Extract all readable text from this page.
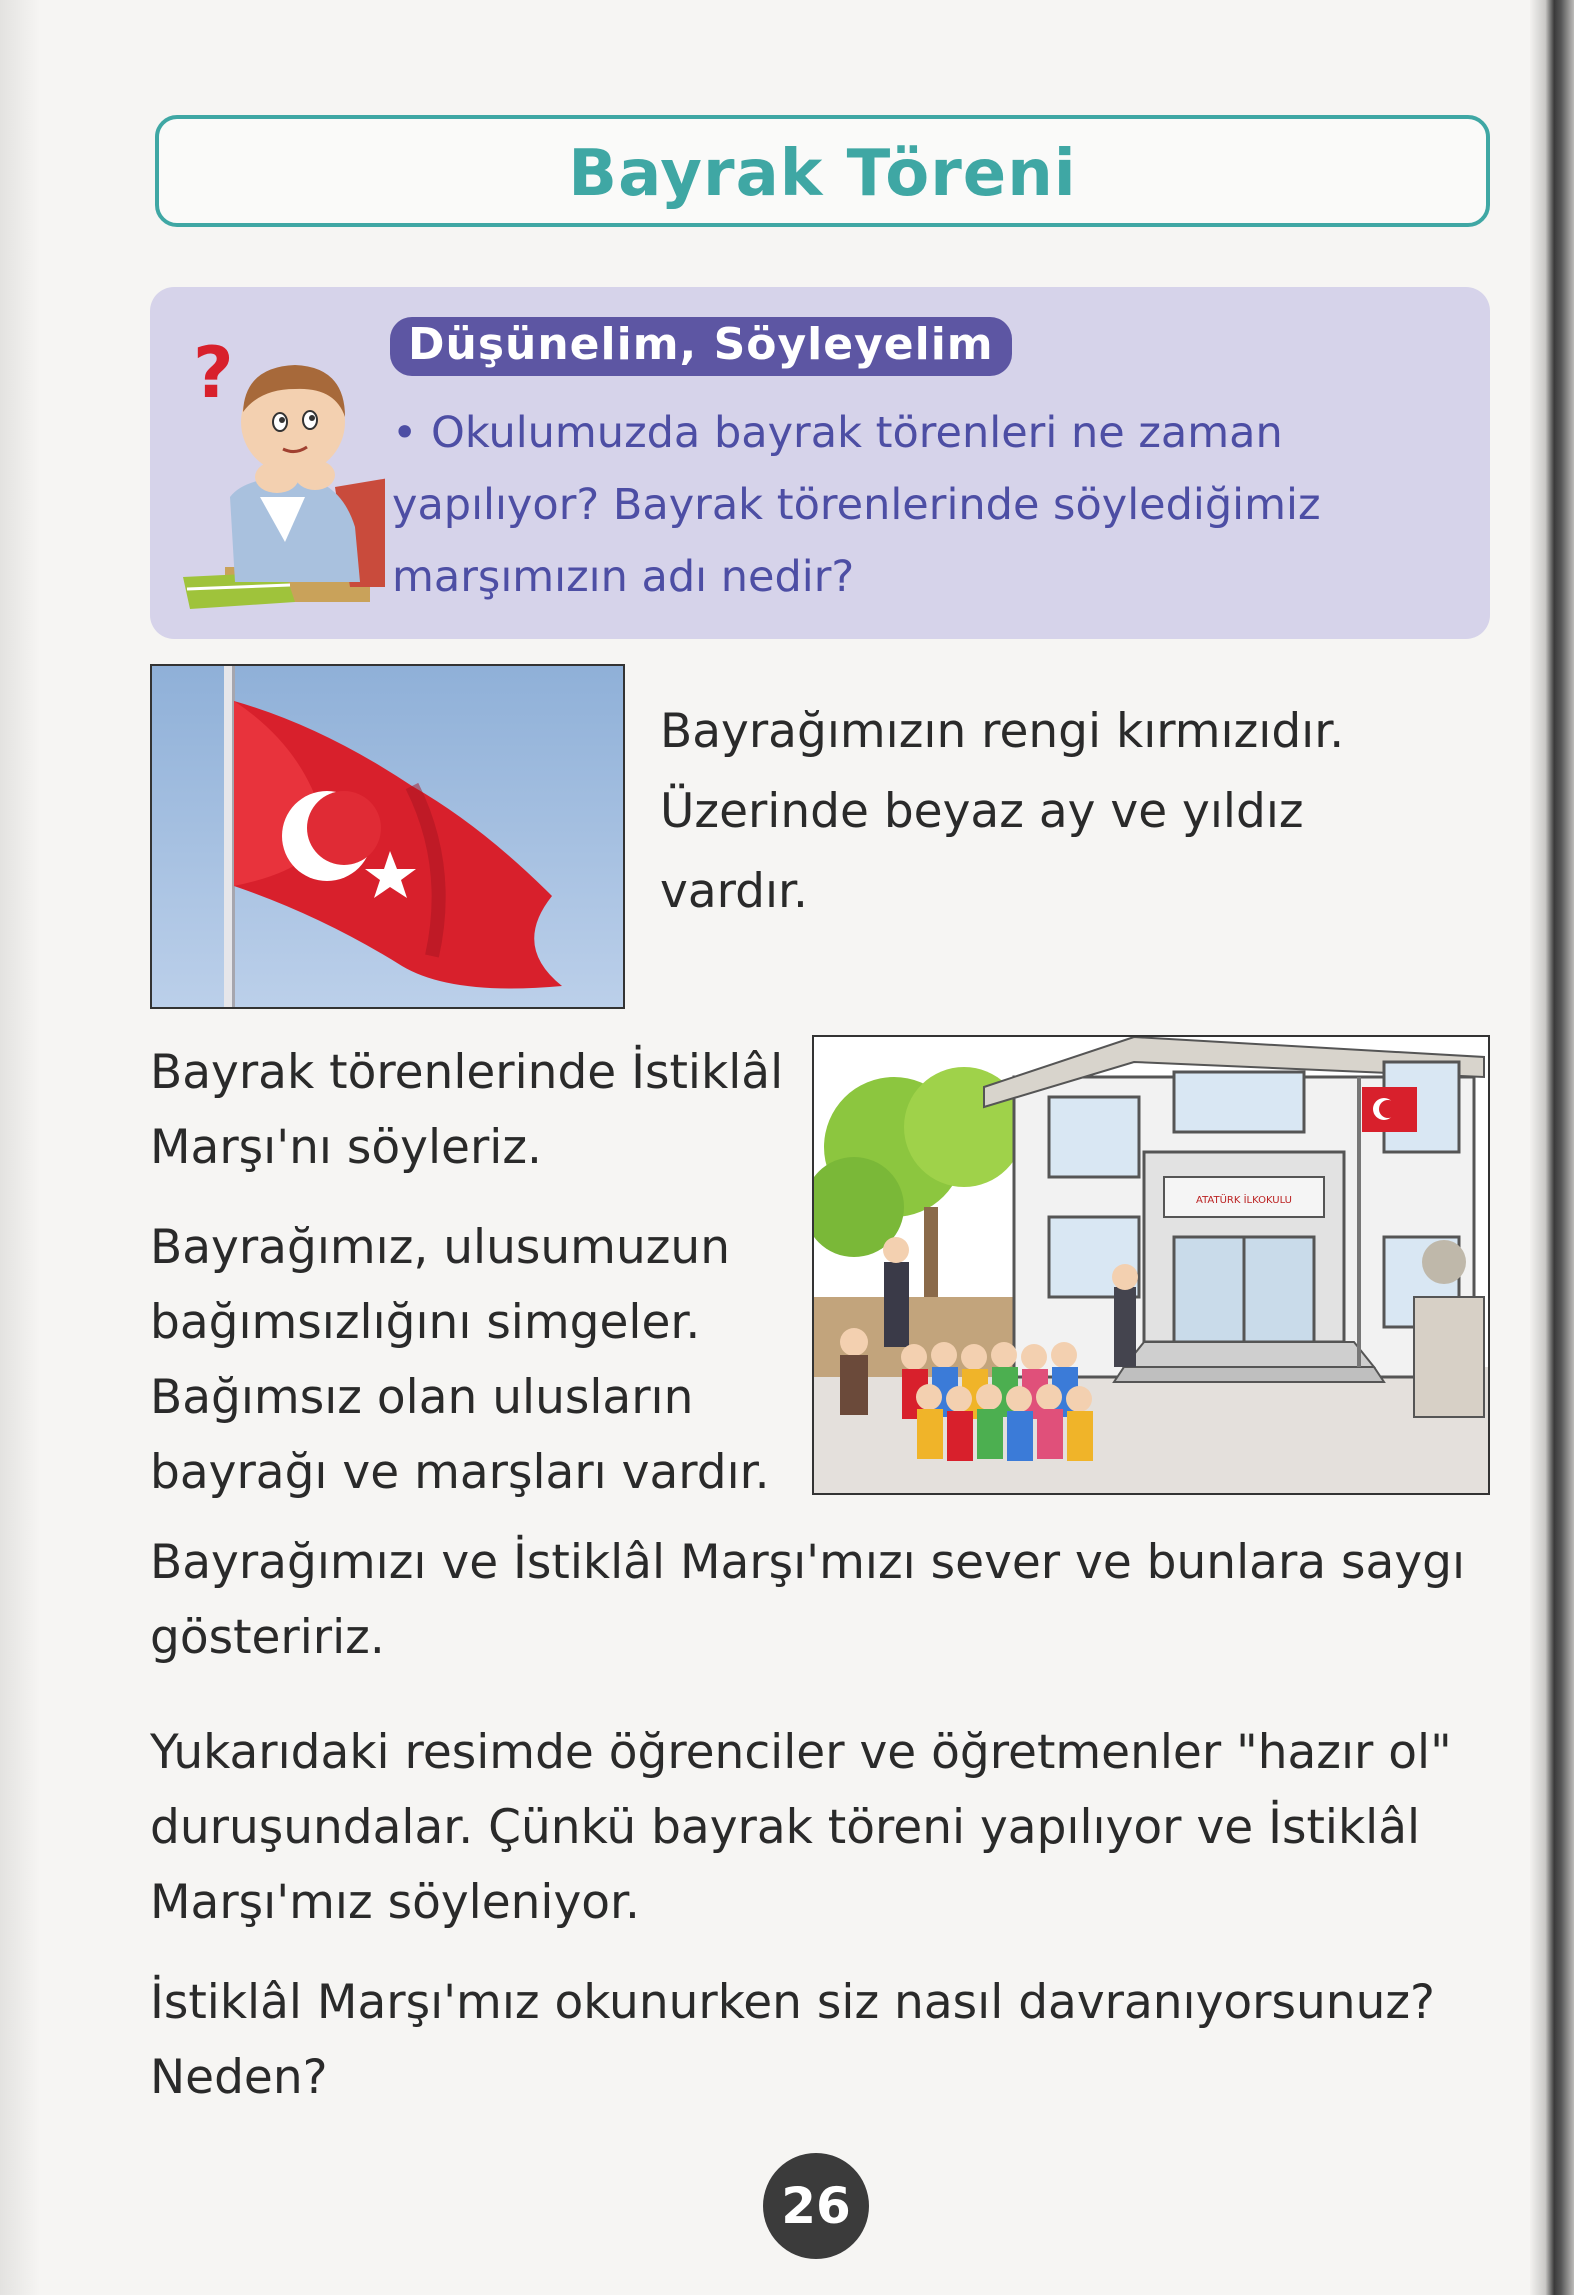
Bayrak Töreni
?	Düşünelim, Söyleyelim
• Okulumuzda bayrak törenleri ne zaman yapılıyor? Bayrak törenlerinde söylediğimiz marşımızın adı nedir?

Bayrağımızın rengi kırmızıdır. Üzerinde beyaz ay ve yıldız vardır.

Bayrak törenlerinde İstiklâl Marşı'nı söyleriz.

Bayrağımız, ulusumuzun bağımsızlığını simgeler. Bağımsız olan ulusların bayrağı ve marşları vardır.

ATATÜRK İLKOKULU

Bayrağımızı ve İstiklâl Marşı'mızı sever ve bunlara saygı gösteririz.

Yukarıdaki resimde öğrenciler ve öğretmenler "hazır ol" duruşundalar. Çünkü bayrak töreni yapılıyor ve İstiklâl Marşı'mız söyleniyor.

İstiklâl Marşı'mız okunurken siz nasıl davranıyorsunuz? Neden?

26
